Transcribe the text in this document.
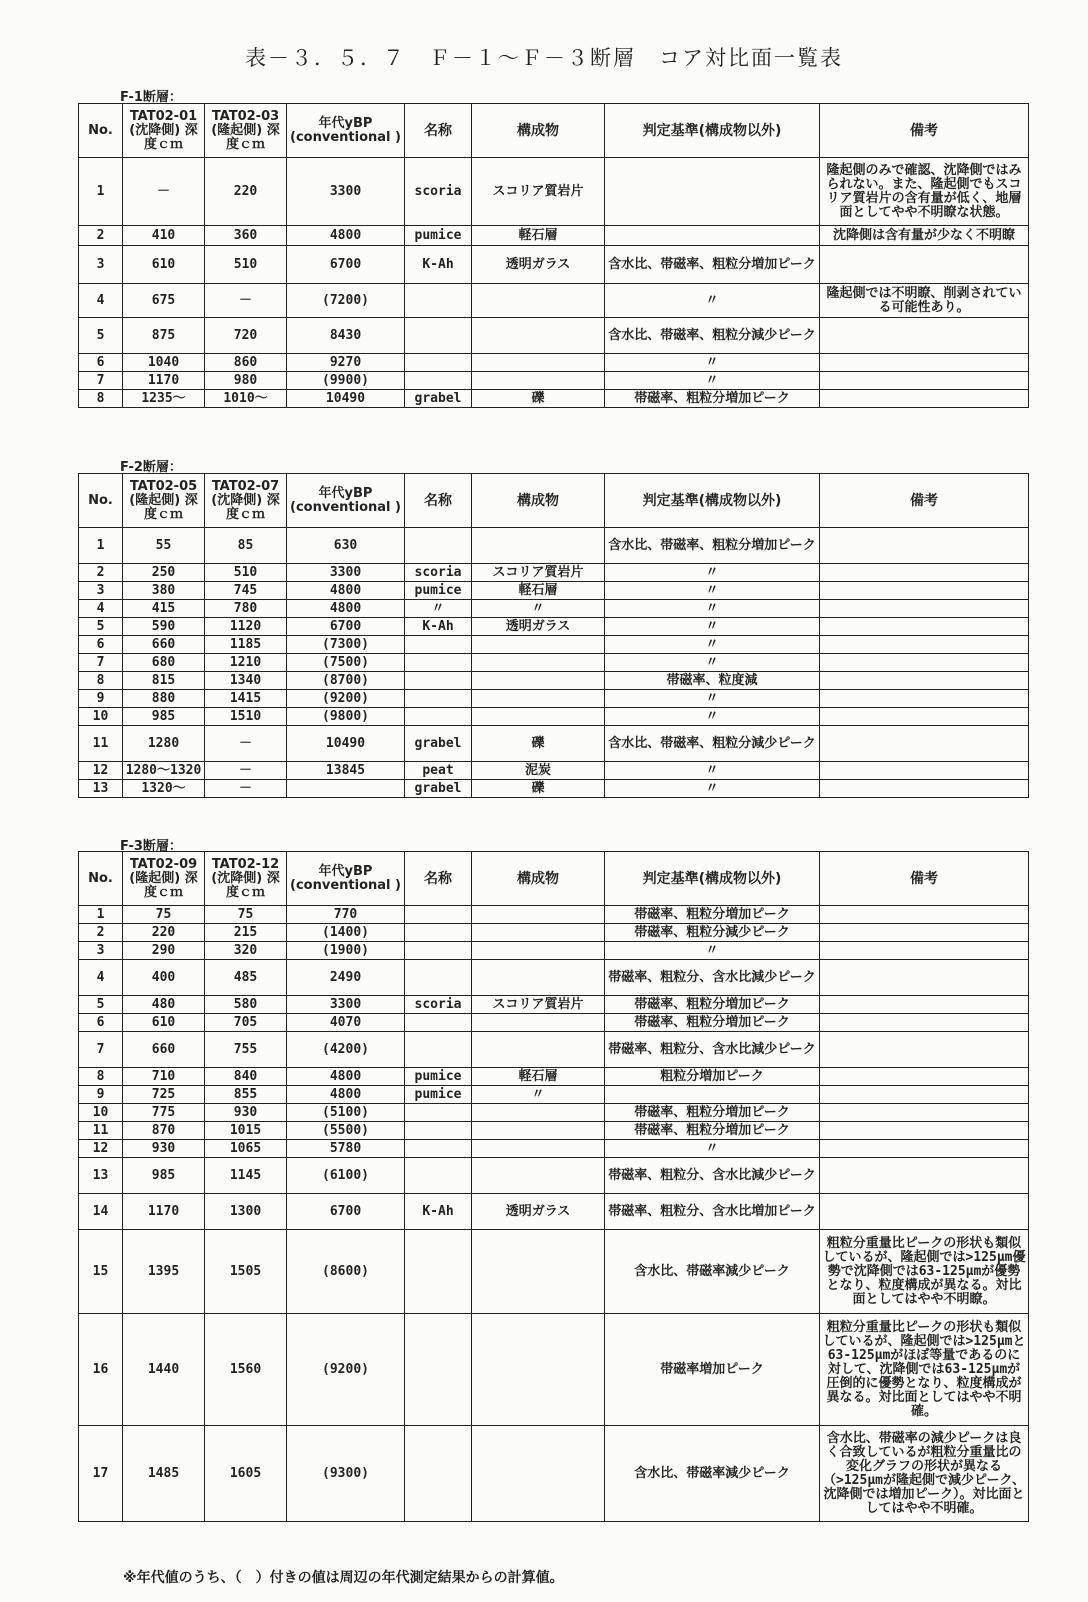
表－３．５．７　Ｆ－１～Ｆ－３断層　コア対比面一覧表
F-1断層：
No.	TAT02-01 (沈降側) 深度ｃｍ	TAT02-03 (隆起側) 深度ｃｍ	年代yBP (conventional )	名称	構成物	判定基準(構成物以外)	備考
1	－	220	3300	scoria	スコリア質岩片		隆起側のみで確認、沈降側ではみられない。また、隆起側でもスコリア質岩片の含有量が低く、地層面としてやや不明瞭な状態。
2	410	360	4800	pumice	軽石層		沈降側は含有量が少なく不明瞭
3	610	510	6700	K-Ah	透明ガラス	含水比、帯磁率、粗粒分増加ピーク	
4	675	－	(7200)			〃	隆起側では不明瞭、削剥されている可能性あり。
5	875	720	8430			含水比、帯磁率、粗粒分減少ピーク	
6	1040	860	9270			〃	
7	1170	980	(9900)			〃	
8	1235～	1010～	10490	grabel	礫	帯磁率、粗粒分増加ピーク	
F-2断層：
No.	TAT02-05 (隆起側) 深度ｃｍ	TAT02-07 (沈降側) 深度ｃｍ	年代yBP (conventional )	名称	構成物	判定基準(構成物以外)	備考
1	55	85	630			含水比、帯磁率、粗粒分増加ピーク	
2	250	510	3300	scoria	スコリア質岩片	〃	
3	380	745	4800	pumice	軽石層	〃	
4	415	780	4800	〃	〃	〃	
5	590	1120	6700	K-Ah	透明ガラス	〃	
6	660	1185	(7300)			〃	
7	680	1210	(7500)			〃	
8	815	1340	(8700)			帯磁率、粒度減	
9	880	1415	(9200)			〃	
10	985	1510	(9800)			〃	
11	1280	－	10490	grabel	礫	含水比、帯磁率、粗粒分減少ピーク	
12	1280～1320	－	13845	peat	泥炭	〃	
13	1320～	－		grabel	礫	〃	
F-3断層：
No.	TAT02-09 (隆起側) 深度ｃｍ	TAT02-12 (沈降側) 深度ｃｍ	年代yBP (conventional )	名称	構成物	判定基準(構成物以外)	備考
1	75	75	770			帯磁率、粗粒分増加ピーク	
2	220	215	(1400)			帯磁率、粗粒分減少ピーク	
3	290	320	(1900)			〃	
4	400	485	2490			帯磁率、粗粒分、含水比減少ピーク	
5	480	580	3300	scoria	スコリア質岩片	帯磁率、粗粒分増加ピーク	
6	610	705	4070			帯磁率、粗粒分増加ピーク	
7	660	755	(4200)			帯磁率、粗粒分、含水比減少ピーク	
8	710	840	4800	pumice	軽石層	粗粒分増加ピーク	
9	725	855	4800	pumice	〃		
10	775	930	(5100)			帯磁率、粗粒分増加ピーク	
11	870	1015	(5500)			帯磁率、粗粒分増加ピーク	
12	930	1065	5780			〃	
13	985	1145	(6100)			帯磁率、粗粒分、含水比減少ピーク	
14	1170	1300	6700	K-Ah	透明ガラス	帯磁率、粗粒分、含水比増加ピーク	
15	1395	1505	(8600)			含水比、帯磁率減少ピーク	粗粒分重量比ピークの形状も類似しているが、隆起側では>125μm優勢で沈降側では63-125μmが優勢となり、粒度構成が異なる。対比面としてはやや不明瞭。
16	1440	1560	(9200)			帯磁率増加ピーク	粗粒分重量比ピークの形状も類似しているが、隆起側では>125μmと63-125μmがほぼ等量であるのに対して、沈降側では63-125μmが圧倒的に優勢となり、粒度構成が異なる。対比面としてはやや不明確。
17	1485	1605	(9300)			含水比、帯磁率減少ピーク	含水比、帯磁率の減少ピークは良く合致しているが粗粒分重量比の変化グラフの形状が異なる（>125μmが隆起側で減少ピーク、沈降側では増加ピーク）。対比面としてはやや不明確。
※年代値のうち、（　）付きの値は周辺の年代測定結果からの計算値。
